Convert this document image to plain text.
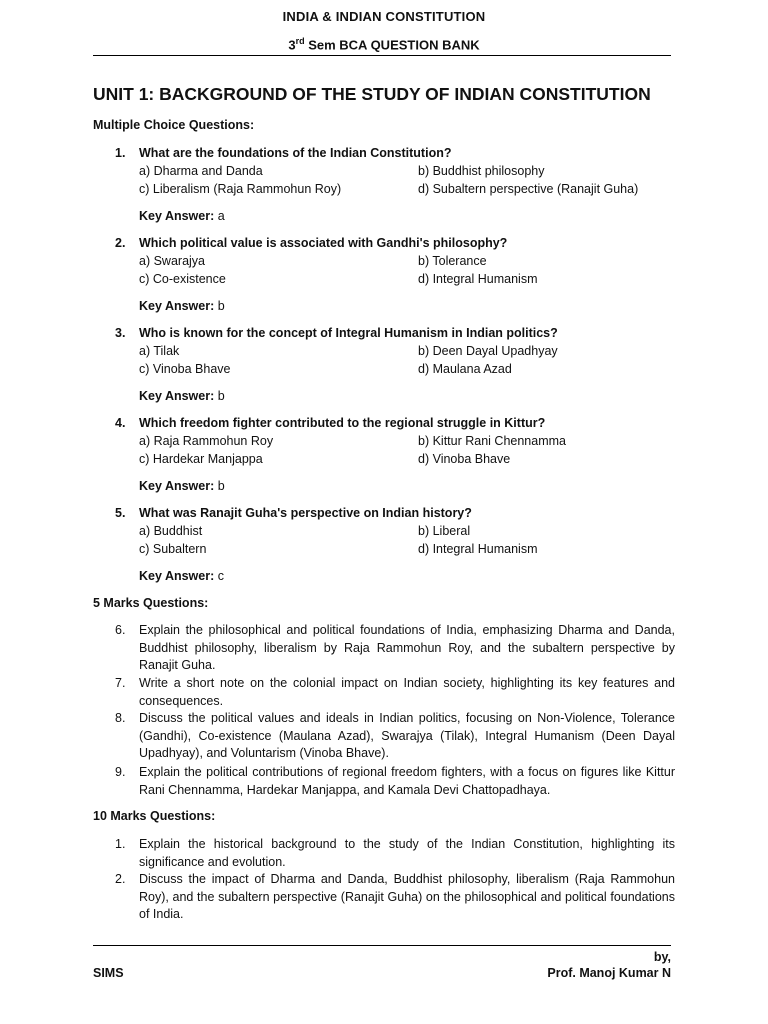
INDIA & INDIAN CONSTITUTION
3rd Sem BCA QUESTION BANK
UNIT 1: BACKGROUND OF THE STUDY OF INDIAN CONSTITUTION
Multiple Choice Questions:
1. What are the foundations of the Indian Constitution?
a) Dharma and Danda	b) Buddhist philosophy
c) Liberalism (Raja Rammohun Roy)	d) Subaltern perspective (Ranajit Guha)
Key Answer: a
2. Which political value is associated with Gandhi's philosophy?
a) Swarajya	b) Tolerance
c) Co-existence	d) Integral Humanism
Key Answer: b
3. Who is known for the concept of Integral Humanism in Indian politics?
a) Tilak	b) Deen Dayal Upadhyay
c) Vinoba Bhave	d) Maulana Azad
Key Answer: b
4. Which freedom fighter contributed to the regional struggle in Kittur?
a) Raja Rammohun Roy	b) Kittur Rani Chennamma
c) Hardekar Manjappa	d) Vinoba Bhave
Key Answer: b
5. What was Ranajit Guha's perspective on Indian history?
a) Buddhist	b) Liberal
c) Subaltern	d) Integral Humanism
Key Answer: c
5 Marks Questions:
6. Explain the philosophical and political foundations of India, emphasizing Dharma and Danda, Buddhist philosophy, liberalism by Raja Rammohun Roy, and the subaltern perspective by Ranajit Guha.
7. Write a short note on the colonial impact on Indian society, highlighting its key features and consequences.
8. Discuss the political values and ideals in Indian politics, focusing on Non-Violence, Tolerance (Gandhi), Co-existence (Maulana Azad), Swarajya (Tilak), Integral Humanism (Deen Dayal Upadhyay), and Voluntarism (Vinoba Bhave).
9. Explain the political contributions of regional freedom fighters, with a focus on figures like Kittur Rani Chennamma, Hardekar Manjappa, and Kamala Devi Chattopadhaya.
10 Marks Questions:
1. Explain the historical background to the study of the Indian Constitution, highlighting its significance and evolution.
2. Discuss the impact of Dharma and Danda, Buddhist philosophy, liberalism (Raja Rammohun Roy), and the subaltern perspective (Ranajit Guha) on the philosophical and political foundations of India.
by,
SIMS	Prof. Manoj Kumar N
